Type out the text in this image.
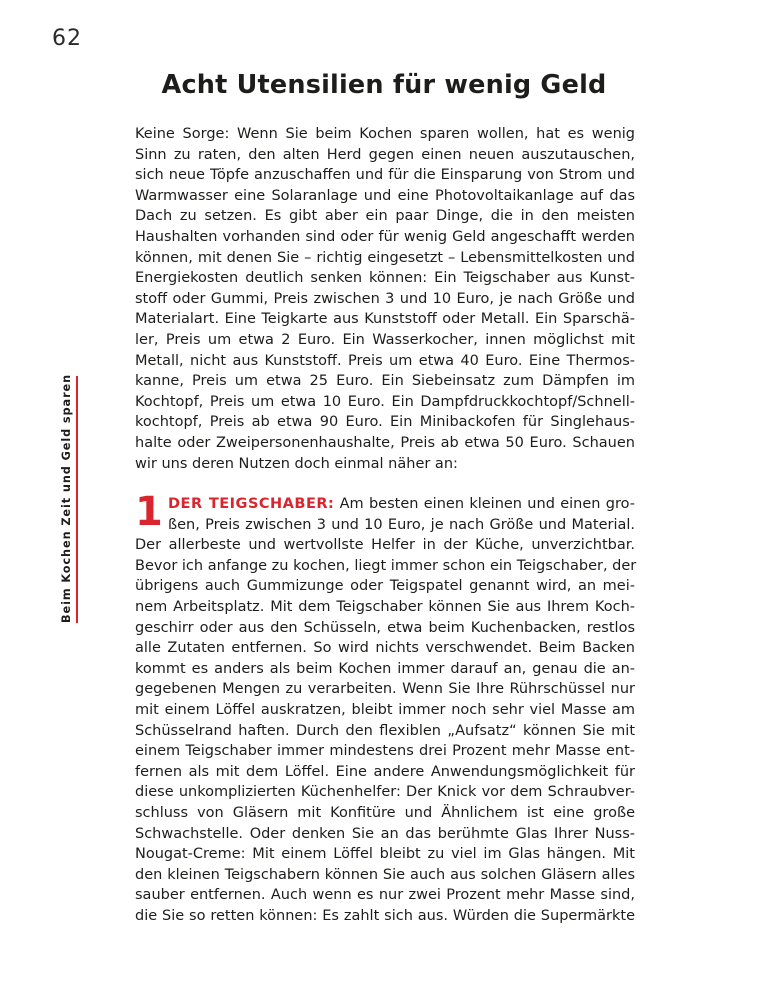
62
Beim Kochen Zeit und Geld sparen
Acht Utensilien für wenig Geld
Keine Sorge: Wenn Sie beim Kochen sparen wollen, hat es wenig
Sinn zu raten, den alten Herd gegen einen neuen auszutauschen,
sich neue Töpfe anzuschaffen und für die Einsparung von Strom und
Warmwasser eine Solaranlage und eine Photovoltaikanlage auf das
Dach zu setzen. Es gibt aber ein paar Dinge, die in den meisten
Haushalten vorhanden sind oder für wenig Geld angeschafft werden
können, mit denen Sie – richtig eingesetzt – Lebensmittelkosten und
Energiekosten deutlich senken können: Ein Teigschaber aus Kunst-
stoff oder Gummi, Preis zwischen 3 und 10 Euro, je nach Größe und
Materialart. Eine Teigkarte aus Kunststoff oder Metall. Ein Sparschä-
ler, Preis um etwa 2 Euro. Ein Wasserkocher, innen möglichst mit
Metall, nicht aus Kunststoff. Preis um etwa 40 Euro. Eine Thermos-
kanne, Preis um etwa 25 Euro. Ein Siebeinsatz zum Dämpfen im
Kochtopf, Preis um etwa 10 Euro. Ein Dampfdruckkochtopf/Schnell-
kochtopf, Preis ab etwa 90 Euro. Ein Minibackofen für Singlehaus-
halte oder Zweipersonenhaushalte, Preis ab etwa 50 Euro. Schauen
wir uns deren Nutzen doch einmal näher an:
1 DER TEIGSCHABER: Am besten einen kleinen und einen gro-
ßen, Preis zwischen 3 und 10 Euro, je nach Größe und Material.
Der allerbeste und wertvollste Helfer in der Küche, unverzichtbar.
Bevor ich anfange zu kochen, liegt immer schon ein Teigschaber, der
übrigens auch Gummizunge oder Teigspatel genannt wird, an mei-
nem Arbeitsplatz. Mit dem Teigschaber können Sie aus Ihrem Koch-
geschirr oder aus den Schüsseln, etwa beim Kuchenbacken, restlos
alle Zutaten entfernen. So wird nichts verschwendet. Beim Backen
kommt es anders als beim Kochen immer darauf an, genau die an-
gegebenen Mengen zu verarbeiten. Wenn Sie Ihre Rührschüssel nur
mit einem Löffel auskratzen, bleibt immer noch sehr viel Masse am
Schüsselrand haften. Durch den flexiblen „Aufsatz“ können Sie mit
einem Teigschaber immer mindestens drei Prozent mehr Masse ent-
fernen als mit dem Löffel. Eine andere Anwendungsmöglichkeit für
diese unkomplizierten Küchenhelfer: Der Knick vor dem Schraubver-
schluss von Gläsern mit Konfitüre und Ähnlichem ist eine große
Schwachstelle. Oder denken Sie an das berühmte Glas Ihrer Nuss-
Nougat-Creme: Mit einem Löffel bleibt zu viel im Glas hängen. Mit
den kleinen Teigschabern können Sie auch aus solchen Gläsern alles
sauber entfernen. Auch wenn es nur zwei Prozent mehr Masse sind,
die Sie so retten können: Es zahlt sich aus. Würden die Supermärkte
